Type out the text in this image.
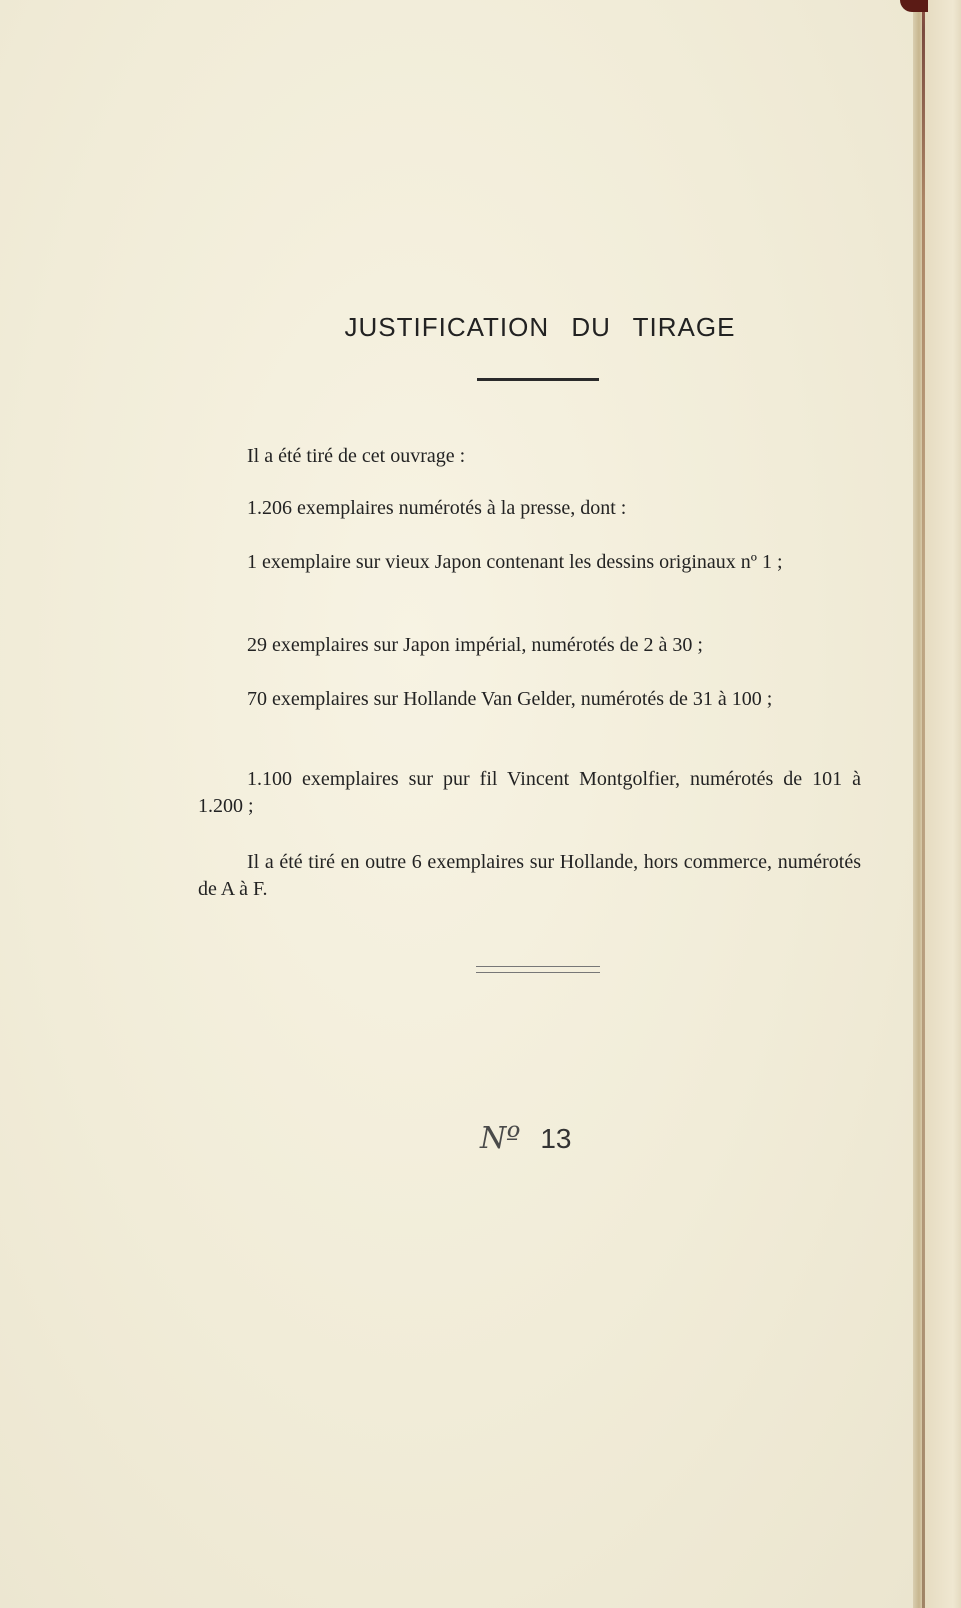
JUSTIFICATION DU TIRAGE

Il a été tiré de cet ouvrage :

1.206 exemplaires numérotés à la presse, dont :

1 exemplaire sur vieux Japon contenant les dessins originaux nº 1 ;

29 exemplaires sur Japon impérial, numérotés de 2 à 30 ;

70 exemplaires sur Hollande Van Gelder, numérotés de 31 à 100 ;

1.100 exemplaires sur pur fil Vincent Montgolfier, numérotés de 101 à 1.200 ;

Il a été tiré en outre 6 exemplaires sur Hollande, hors commerce, numérotés de A à F.

Nº 13
